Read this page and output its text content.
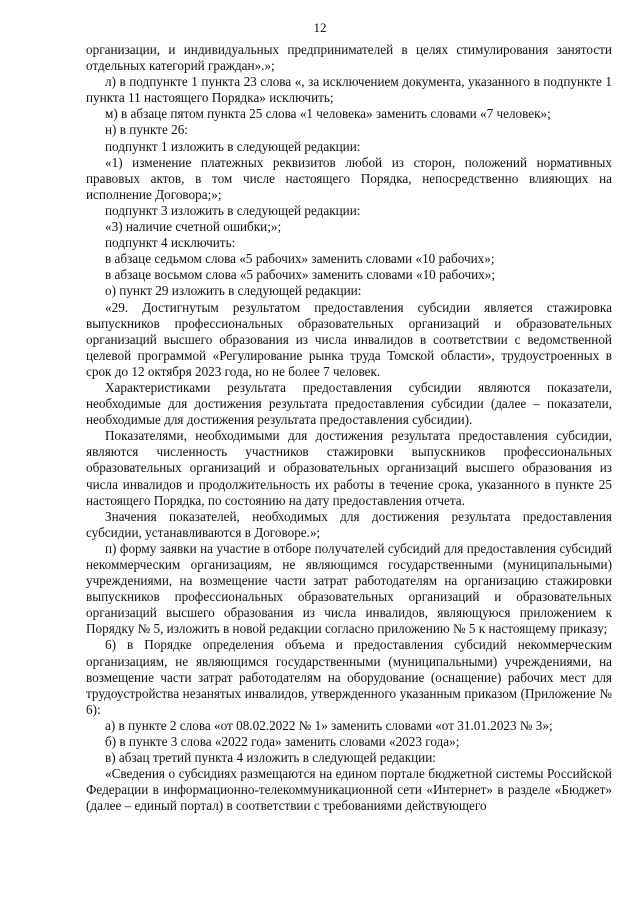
12

организации, и индивидуальных предпринимателей в целях стимулирования занятости отдельных категорий граждан».»;

л) в подпункте 1 пункта 23 слова «, за исключением документа, указанного в подпункте 1 пункта 11 настоящего Порядка» исключить;

м) в абзаце пятом пункта 25 слова «1 человека» заменить словами «7 человек»;

н) в пункте 26:

подпункт 1 изложить в следующей редакции:

«1) изменение платежных реквизитов любой из сторон, положений нормативных правовых актов, в том числе настоящего Порядка, непосредственно влияющих на исполнение Договора;»;

подпункт 3 изложить в следующей редакции:

«3) наличие счетной ошибки;»;

подпункт 4 исключить:

в абзаце седьмом слова «5 рабочих» заменить словами «10 рабочих»;

в абзаце восьмом слова «5 рабочих» заменить словами «10 рабочих»;

о) пункт 29 изложить в следующей редакции:

«29. Достигнутым результатом предоставления субсидии является стажировка выпускников профессиональных образовательных организаций и образовательных организаций высшего образования из числа инвалидов в соответствии с ведомственной целевой программой «Регулирование рынка труда Томской области», трудоустроенных в срок до 12 октября 2023 года, но не более 7 человек.

Характеристиками результата предоставления субсидии являются показатели, необходимые для достижения результата предоставления субсидии (далее – показатели, необходимые для достижения результата предоставления субсидии).

Показателями, необходимыми для достижения результата предоставления субсидии, являются численность участников стажировки выпускников профессиональных образовательных организаций и образовательных организаций высшего образования из числа инвалидов и продолжительность их работы в течение срока, указанного в пункте 25 настоящего Порядка, по состоянию на дату предоставления отчета.

Значения показателей, необходимых для достижения результата предоставления субсидии, устанавливаются в Договоре.»;

п) форму заявки на участие в отборе получателей субсидий для предоставления субсидий некоммерческим организациям, не являющимся государственными (муниципальными) учреждениями, на возмещение части затрат работодателям на организацию стажировки выпускников профессиональных образовательных организаций и образовательных организаций высшего образования из числа инвалидов, являющуюся приложением к Порядку № 5, изложить в новой редакции согласно приложению № 5 к настоящему приказу;

6) в Порядке определения объема и предоставления субсидий некоммерческим организациям, не являющимся государственными (муниципальными) учреждениями, на возмещение части затрат работодателям на оборудование (оснащение) рабочих мест для трудоустройства незанятых инвалидов, утвержденного указанным приказом (Приложение № 6):

а) в пункте 2 слова «от 08.02.2022 № 1» заменить словами «от 31.01.2023 № 3»;

б) в пункте 3 слова «2022 года» заменить словами «2023 года»;

в) абзац третий пункта 4 изложить в следующей редакции:

«Сведения о субсидиях размещаются на едином портале бюджетной системы Российской Федерации в информационно-телекоммуникационной сети «Интернет» в разделе «Бюджет» (далее – единый портал) в соответствии с требованиями действующего
